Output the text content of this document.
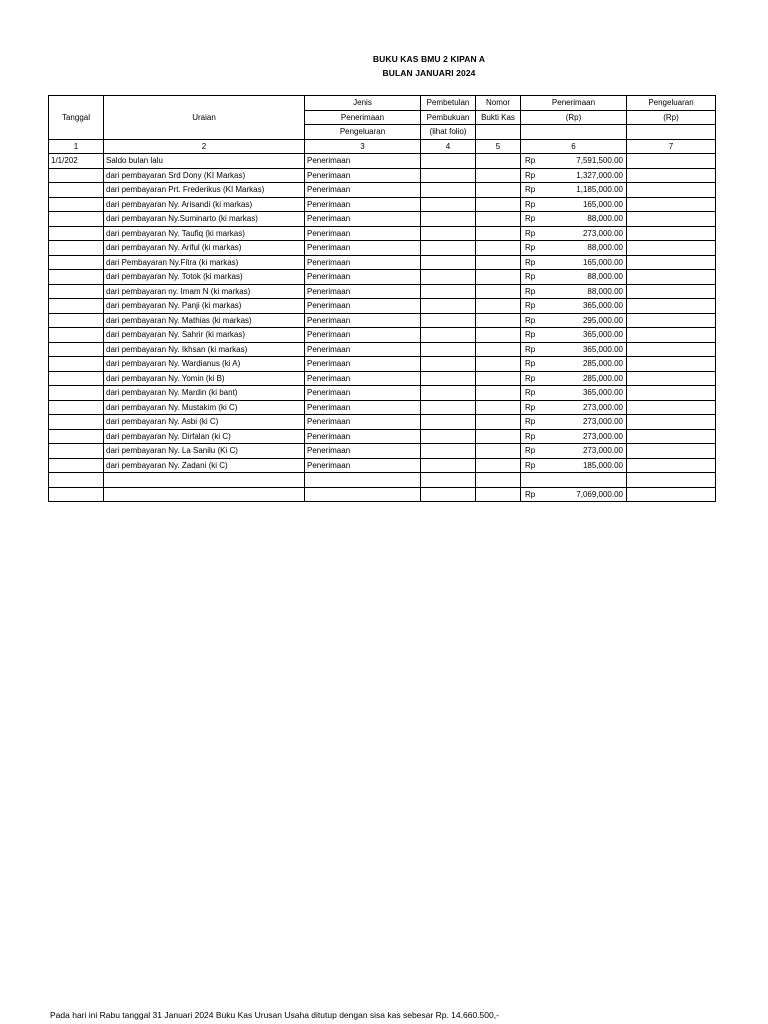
BUKU KAS BMU 2 KIPAN A
BULAN JANUARI 2024
Tanggal	Uraian	Jenis	Pembetulan	Nomor	Penerimaan	Pengeluaran
		Penerimaan	Pembukuan	Bukti Kas	(Rp)	(Rp)
		Pengeluaran	(lihat folio)			
1	2	3	4	5	6	7
1/1/202	Saldo bulan lalu	Penerimaan			Rp 7,591,500.00	

	dari pembayaran Srd Dony (KI Markas)	Penerimaan			Rp 1,327,000.00	

	dari pembayaran Prt. Frederikus (KI Markas)	Penerimaan			Rp 1,185,000.00	

	dari pembayaran Ny. Arisandi (ki markas)	Penerimaan			Rp 165,000.00	

	dari pembayaran Ny.Suminarto (ki markas)	Penerimaan			Rp 88,000.00	

	dari pembayaran Ny. Taufiq (ki markas)	Penerimaan			Rp 273,000.00	

	dari pembayaran Ny. Ariful (ki markas)	Penerimaan			Rp 88,000.00	

	dari Pembayaran Ny.Fitra (ki markas)	Penerimaan			Rp 165,000.00	

	dari pembayaran Ny. Totok (ki markas)	Penerimaan			Rp 88,000.00	

	dari pembayaran ny. Imam N (ki markas)	Penerimaan			Rp 88,000.00	

	dari pembayaran Ny. Panji (ki markas)	Penerimaan			Rp 365,000.00	

	dari pembayaran Ny. Mathias (ki markas)	Penerimaan			Rp 295,000.00	

	dari pembayaran Ny. Sahrir (ki markas)	Penerimaan			Rp 365,000.00	

	dari pembayaran Ny. Ikhsan (ki markas)	Penerimaan			Rp 365,000.00	

	dari pembayaran Ny. Wardianus (ki A)	Penerimaan			Rp 285,000.00	

	dari pembayaran Ny. Yomin (ki B)	Penerimaan			Rp 285,000.00	

	dari pembayaran Ny. Mardin (ki bant)	Penerimaan			Rp 365,000.00	

	dari pembayaran Ny. Mustakim (ki C)	Penerimaan			Rp 273,000.00	

	dari pembayaran Ny. Asbi (ki C)	Penerimaan			Rp 273,000.00	

	dari pembayaran Ny. Dirfalan (ki C)	Penerimaan			Rp 273,000.00	

	dari pembayaran Ny. La Sanilu (Ki C)	Penerimaan			Rp 273,000.00	

	dari pembayaran Ny. Zadani (ki C)	Penerimaan			Rp 185,000.00	

					Rp 7,069,000.00	

Pada hari ini Rabu tanggal 31 Januari 2024 Buku Kas Urusan Usaha ditutup dengan sisa kas sebesar Rp. 14.660.500,-
